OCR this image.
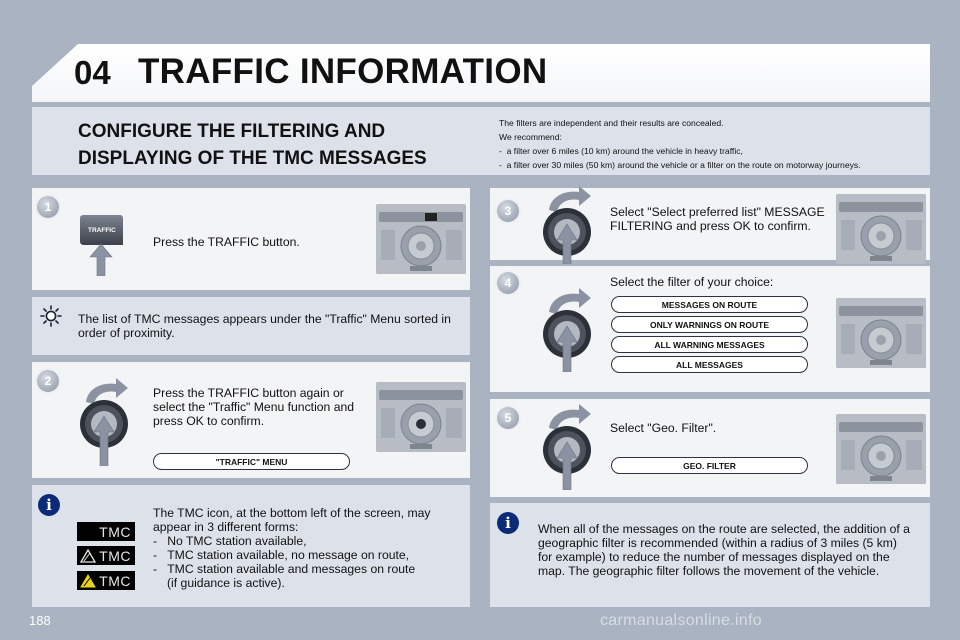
04 TRAFFIC INFORMATION
CONFIGURE THE FILTERING AND
DISPLAYING OF THE TMC MESSAGES
The filters are independent and their results are concealed.
We recommend:
-  a filter over 6 miles (10 km) around the vehicle in heavy traffic,
-  a filter over 30 miles (50 km) around the vehicle or a filter on the route on motorway journeys.
1
TRAFFIC
Press the TRAFFIC button.
The list of TMC messages appears under the "Traffic" Menu sorted in order of proximity.
2
Press the TRAFFIC button again or select the "Traffic" Menu function and press OK to confirm.
"TRAFFIC" MENU
i
TMC
TMC
TMC
The TMC icon, at the bottom left of the screen, may appear in 3 different forms:
-   No TMC station available,
-   TMC station available, no message on route,
-   TMC station available and messages on route
(if guidance is active).
3	Select "Select preferred list" MESSAGE FILTERING and press OK to confirm.
4	Select the filter of your choice:
MESSAGES ON ROUTE
ONLY WARNINGS ON ROUTE
ALL WARNING MESSAGES
ALL MESSAGES
5
Select "Geo. Filter".
GEO. FILTER
i	When all of the messages on the route are selected, the addition of a geographic filter is recommended (within a radius of 3 miles (5 km) for example) to reduce the number of messages displayed on the map. The geographic filter follows the movement of the vehicle.
188	carmanualsonline.info
